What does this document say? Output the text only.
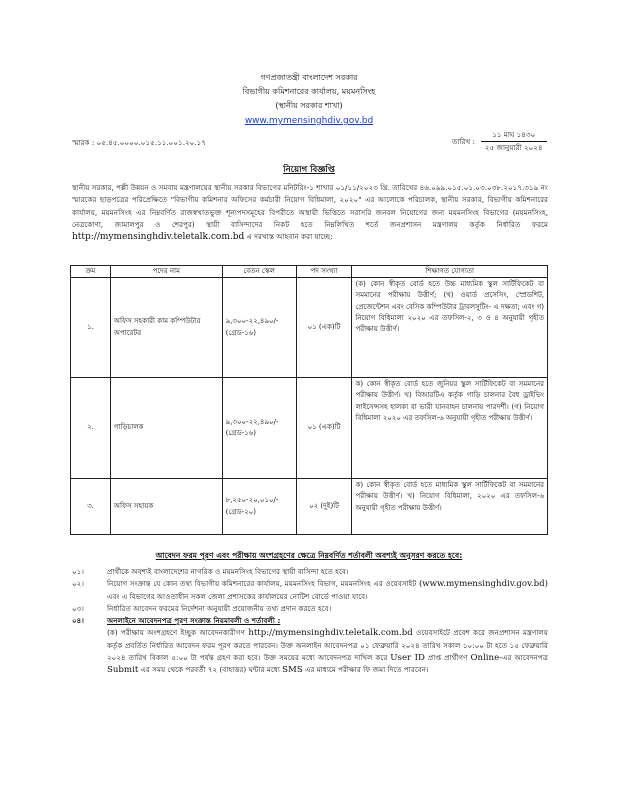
গণপ্রজাতন্ত্রী বাংলাদেশ সরকার
বিভাগীয় কমিশনারের কার্যালয়, ময়মনসিংহ
(স্থানীয় সরকার শাখা)
www.mymensinghdiv.gov.bd
স্মারক : ০৫.৪৫.০০০০.০১৫.১১.০০১.২০.১৭	তারিখ :
১১ মাঘ ১৪৩০
২৫ জানুয়ারী ২০২৪
নিয়োগ বিজ্ঞপ্তি
স্থানীয় সরকার, পল্লী উন্নয়ন ও সমবায় মন্ত্রণালয়ের স্থানীয় সরকার বিভাগের মনিটরিং-১ শাখার ০১/১১/২০২৩ খ্রি. তারিখের ৪৬.০৯৯.০১৫.০১.০৩.০৩৮.২০১৭.৩১৯ নং স্মারকের ছাড়পত্রের পরিপ্রেক্ষিতে "বিভাগীয় কমিশনার অফিসের কর্মচারী নিয়োগ বিধিমালা, ২০২০" এর আলোকে পরিচালক, স্থানীয় সরকার, বিভাগীয় কমিশনারের কার্যালয়, ময়মনসিংহ এর নিম্নবর্ণিত রাজস্বখাতভুক্ত শূন্যপদসমূহের বিপরীতে অস্থায়ী ভিত্তিতে সরাসরি জনবল নিয়োগের জন্য ময়মনসিংহ বিভাগের (ময়মনসিংহ, নেত্রকোণা, জামালপুর ও শেরপুর) স্থায়ী বাসিন্দাদের নিকট হতে নিম্নলিখিত শর্তে জনপ্রশাসন মন্ত্রণালয় কর্তৃক নির্ধারিত ফরমে http://mymensinghdiv.teletalk.com.bd এ দরখাস্ত আহবান করা যাচ্ছে:
ক্রম	পদের নাম	বেতন স্কেল	পদ সংখ্যা	শিক্ষাগত যোগ্যতা
১.	অফিস সহকারী কাম কম্পিউটার অপারেটর	৯,৩০০-২২,৪৯০/-
(গ্রেড-১৬)	০১ (এক)টি	(ক) কোন স্বীকৃত বোর্ড হতে উচ্চ মাধ্যমিক স্কুল সার্টিফিকেট বা সমমানের পরীক্ষায় উত্তীর্ণ; (খ) ওয়ার্ড প্রসেসিং, স্প্রেডশিট, প্রেজেন্টেশন এবং বেসিক কম্পিউটার ট্রাবলসুটিং- এ দক্ষতা; এবং গ) নিয়োগ বিধিমালা ২০২০ এর তফসিল-২, ৩ ও ৪ অনুযায়ী গৃহীত পরীক্ষায় উত্তীর্ণ।
২.	গাড়িচালক	৯,৩০০-২২,৪৯০/-
(গ্রেড-১৬)	০১ (এক)টি	ক) কোন স্বীকৃত বোর্ড হতে জুনিয়র স্কুল সার্টিফিকেট বা সমমানের পরীক্ষায় উত্তীর্ণ। খ) বিআরটিএ কর্তৃক গাড়ি চালনার বৈধ ড্রাইভিং লাইসেন্সসহ হালকা বা ভারী যানবাহন চালনায় পারদর্শী। (গ) নিয়োগ বিধিমালা ২০২০ এর তফসিল-৬ অনুযায়ী গৃহীত পরীক্ষায় উত্তীর্ণ।
৩.	অফিস সহায়ক	৮,২৫০-২০,০১০/-
(গ্রেড-২০)	০২ (দুই)টি	ক) কোন স্বীকৃত বোর্ড হতে মাধ্যমিক স্কুল সার্টিফিকেট বা সমমানের পরীক্ষায় উত্তীর্ণ। খ) নিয়োগ বিধিমালা, ২০২০ এর তফসিল-৬ অনুযায়ী গৃহীত পরীক্ষায় উত্তীর্ণ।
আবেদন ফরম পূরণ এবং পরীক্ষায় অংশগ্রহণের ক্ষেত্রে নিম্নবর্ণিত শর্তাবলী অবশ্যই অনুসরণ করতে হবে:
০১।	প্রার্থীকে অবশ্যই বাংলাদেশের নাগরিক ও ময়মনসিংহ বিভাগের স্থায়ী বাসিন্দা হতে হবে।
০২।	নিয়োগ সংক্রান্ত যে কোন তথ্য বিভাগীয় কমিশনারের কার্যালয়, ময়মনসিংহ বিভাগ, ময়মনসিংহ এর ওয়েবসাইট (www.mymensinghdiv.gov.bd) এবং এ বিভাগের আওতাধীন সকল জেলা প্রশাসকের কার্যালয়ের নোটিশ বোর্ডে পাওয়া যাবে।
০৩।	নির্ধারিত আবেদন ফরমের নির্দেশনা অনুযায়ী প্রয়োজনীয় তথ্য প্রদান করতে হবে।
০৪।	অনলাইনে আবেদনপত্র পূরণ সংক্রান্ত নিয়মাবলী ও শর্তাবলী :
(ক) পরীক্ষায় অংশগ্রহণে ইচ্ছুক আবেদনকারীগণ http://mymensinghdiv.teletalk.com.bd ওয়েবসাইটে প্রবেশ করে জনপ্রশাসন মন্ত্রণালয় কর্তৃক প্রবর্তিত নির্ধারিত আবেদন ফরম পূরণ করতে পারবেন। উক্ত অনলাইন আবেদনপত্র ০১ ফেব্রুয়ারি ২০২৪ তারিখ সকাল ১০:০০ টা হতে ১৫ ফেব্রুয়ারি ২০২৪ তারিখ বিকাল ৫:০০ টা পর্যন্ত গ্রহণ করা হবে। উক্ত সময়ের মধ্যে আবেদনপত্র দাখিল করে User ID প্রাপ্ত প্রার্থীগণ Online-এর আবেদনপত্র Submit এর সময় থেকে পরবর্তী ৭২ (বাহাত্তর) ঘন্টার মধ্যে SMS এর মাধ্যমে পরীক্ষার ফি জমা দিতে পারবেন।
